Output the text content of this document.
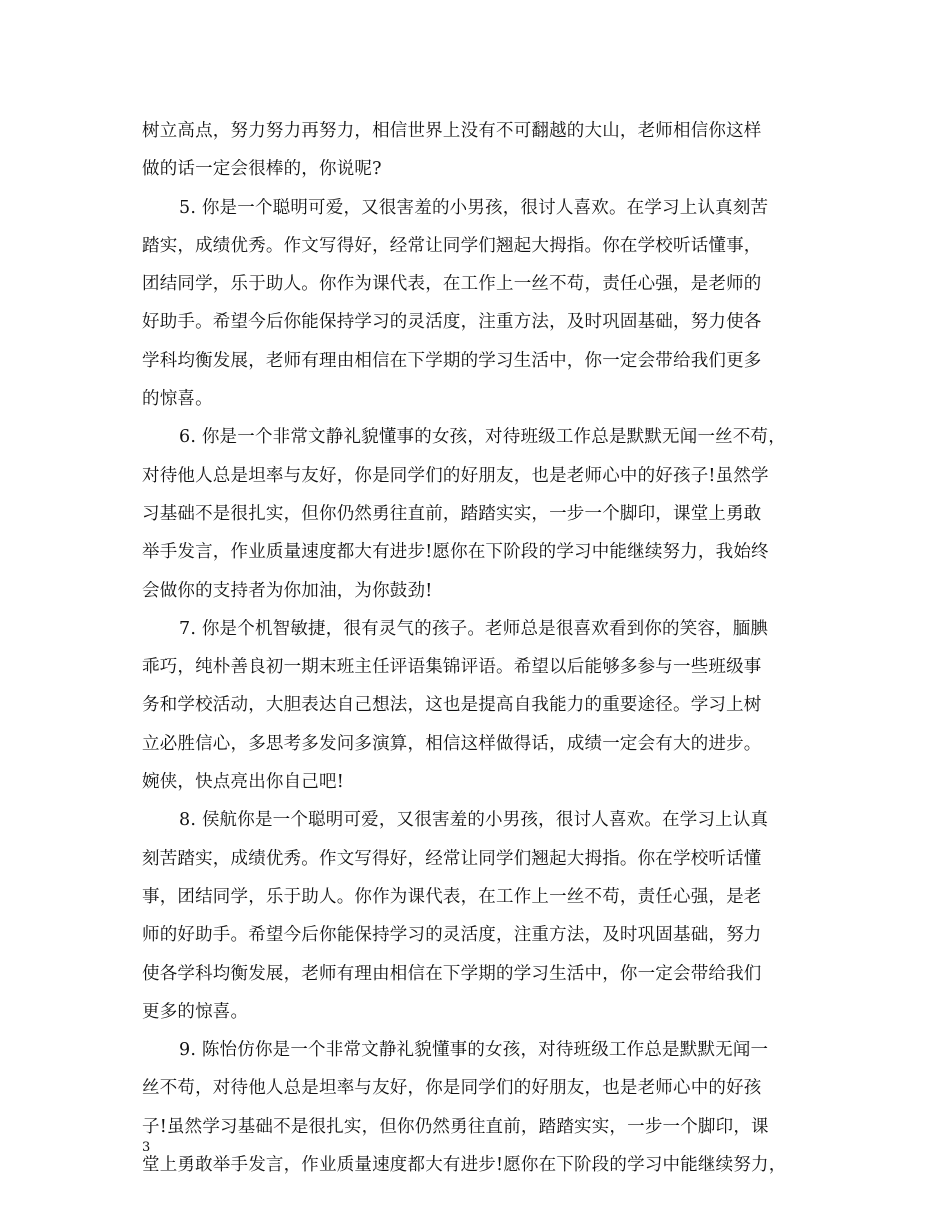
树立高点，努力努力再努力，相信世界上没有不可翻越的大山，老师相信你这样
做的话一定会很棒的，你说呢?
5. 你是一个聪明可爱，又很害羞的小男孩，很讨人喜欢。在学习上认真刻苦
踏实，成绩优秀。作文写得好，经常让同学们翘起大拇指。你在学校听话懂事，
团结同学，乐于助人。你作为课代表，在工作上一丝不苟，责任心强，是老师的
好助手。希望今后你能保持学习的灵活度，注重方法，及时巩固基础，努力使各
学科均衡发展，老师有理由相信在下学期的学习生活中，你一定会带给我们更多
的惊喜。
6. 你是一个非常文静礼貌懂事的女孩，对待班级工作总是默默无闻一丝不苟，
对待他人总是坦率与友好，你是同学们的好朋友，也是老师心中的好孩子!虽然学
习基础不是很扎实，但你仍然勇往直前，踏踏实实，一步一个脚印，课堂上勇敢
举手发言，作业质量速度都大有进步!愿你在下阶段的学习中能继续努力，我始终
会做你的支持者为你加油，为你鼓劲!
7. 你是个机智敏捷，很有灵气的孩子。老师总是很喜欢看到你的笑容，腼腆
乖巧，纯朴善良初一期末班主任评语集锦评语。希望以后能够多参与一些班级事
务和学校活动，大胆表达自己想法，这也是提高自我能力的重要途径。学习上树
立必胜信心，多思考多发问多演算，相信这样做得话，成绩一定会有大的进步。
婉侠，快点亮出你自己吧!
8. 侯航你是一个聪明可爱，又很害羞的小男孩，很讨人喜欢。在学习上认真
刻苦踏实，成绩优秀。作文写得好，经常让同学们翘起大拇指。你在学校听话懂
事，团结同学，乐于助人。你作为课代表，在工作上一丝不苟，责任心强，是老
师的好助手。希望今后你能保持学习的灵活度，注重方法，及时巩固基础，努力
使各学科均衡发展，老师有理由相信在下学期的学习生活中，你一定会带给我们
更多的惊喜。
9. 陈怡仿你是一个非常文静礼貌懂事的女孩，对待班级工作总是默默无闻一
丝不苟，对待他人总是坦率与友好，你是同学们的好朋友，也是老师心中的好孩
子!虽然学习基础不是很扎实，但你仍然勇往直前，踏踏实实，一步一个脚印，课
堂上勇敢举手发言，作业质量速度都大有进步!愿你在下阶段的学习中能继续努力，
3
